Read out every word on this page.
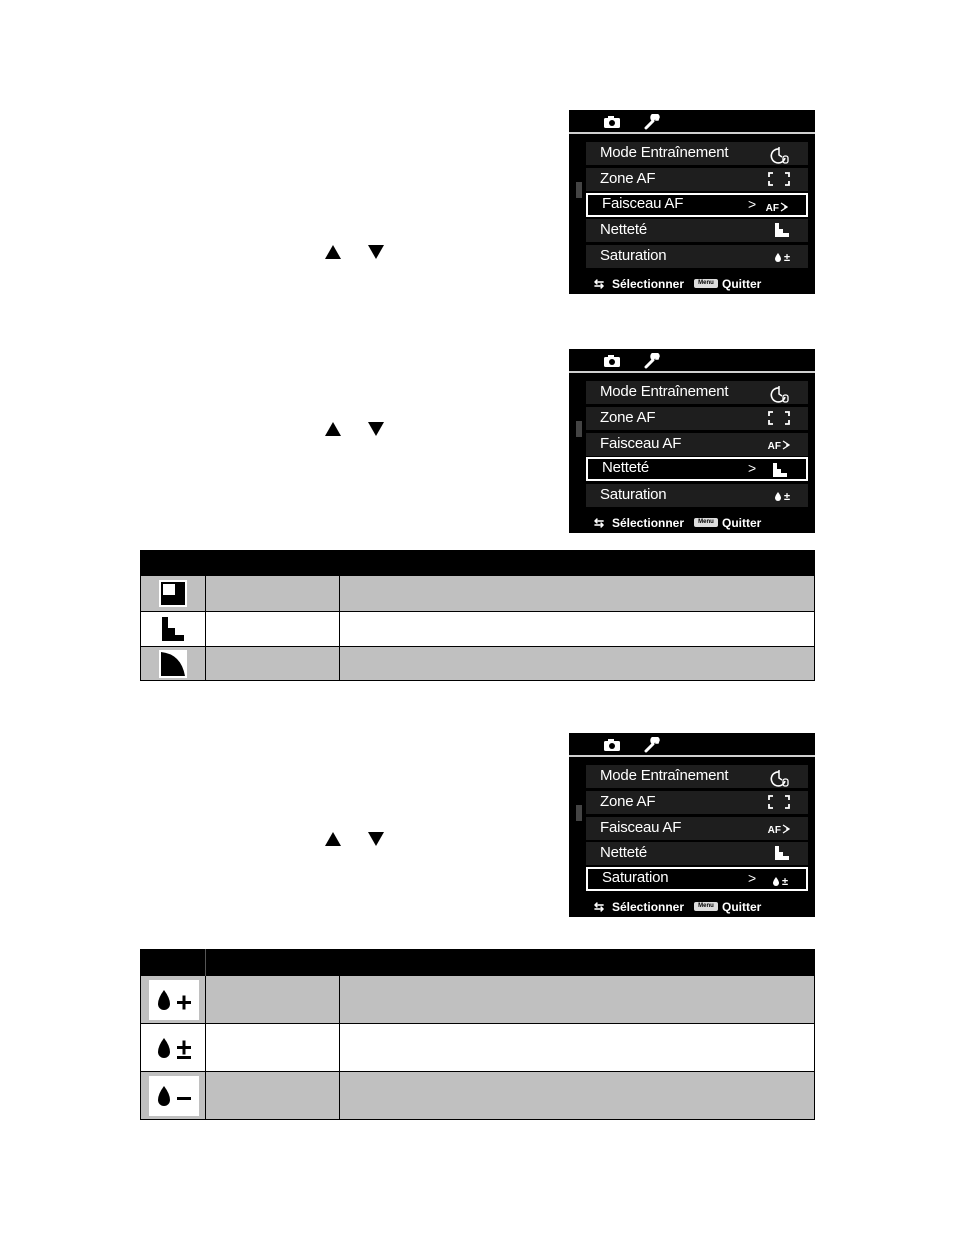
Mode Entraînement
Zone AF
Faisceau AF	> AF
Netteté
Saturation	±
⇆ Sélectionner	Menu Quitter
Mode Entraînement
Zone AF
Faisceau AF	AF
Netteté	>
Saturation	±
⇆ Sélectionner	Menu Quitter
Mode Entraînement
Zone AF
Faisceau AF	AF
Netteté
Saturation	>	±
⇆ Sélectionner	Menu Quitter
